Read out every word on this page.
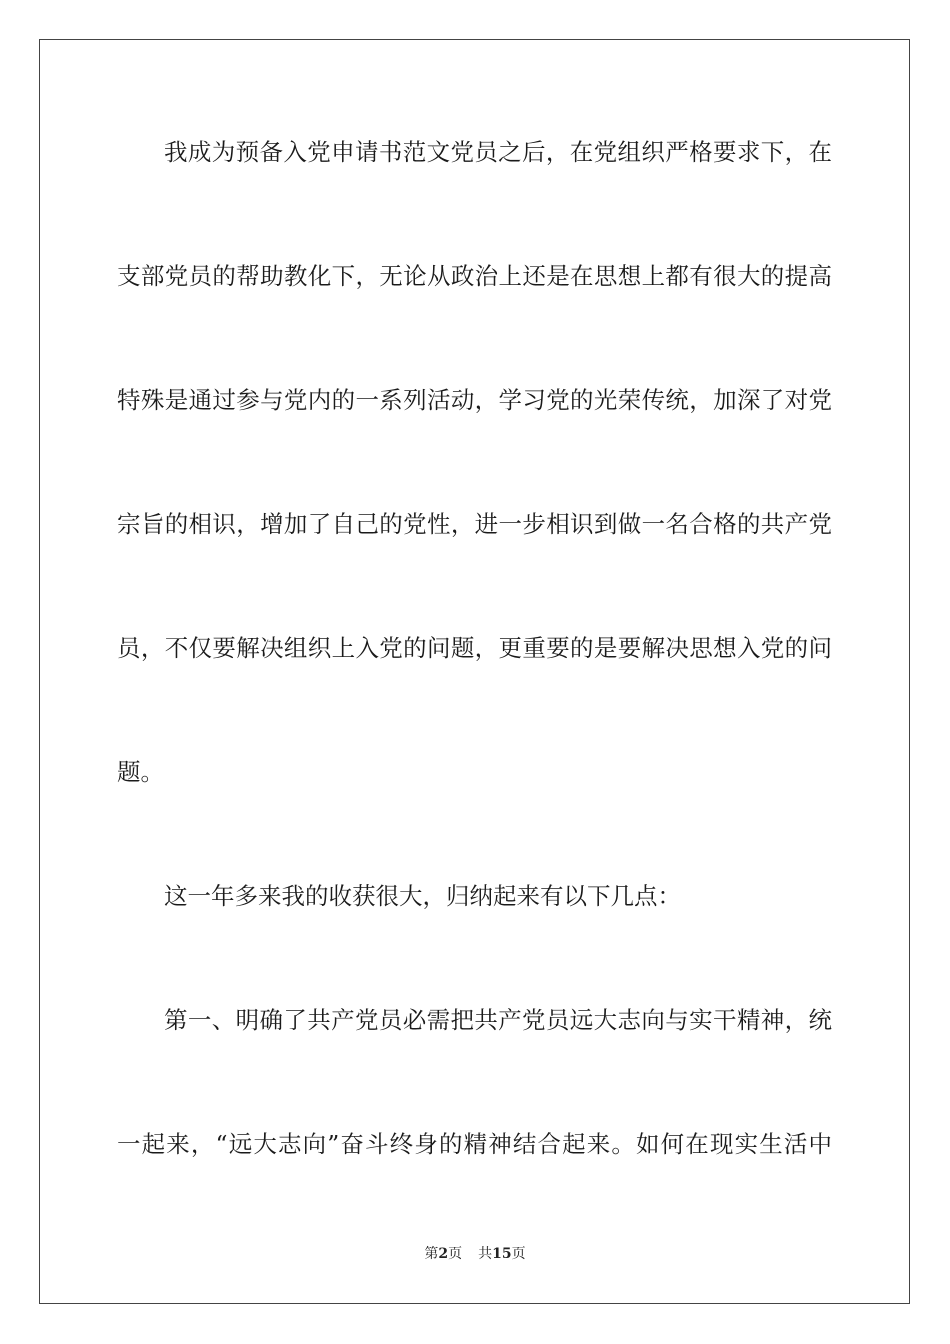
我成为预备入党申请书范文党员之后，在党组织严格要求下，在
支部党员的帮助教化下，无论从政治上还是在思想上都有很大的提高
特殊是通过参与党内的一系列活动，学习党的光荣传统，加深了对党
宗旨的相识，增加了自己的党性，进一步相识到做一名合格的共产党
员，不仅要解决组织上入党的问题，更重要的是要解决思想入党的问
题。
这一年多来我的收获很大，归纳起来有以下几点：
第一、明确了共产党员必需把共产党员远大志向与实干精神，统
一起来，“远大志向”奋斗终身的精神结合起来。如何在现实生活中
第2页 共15页
